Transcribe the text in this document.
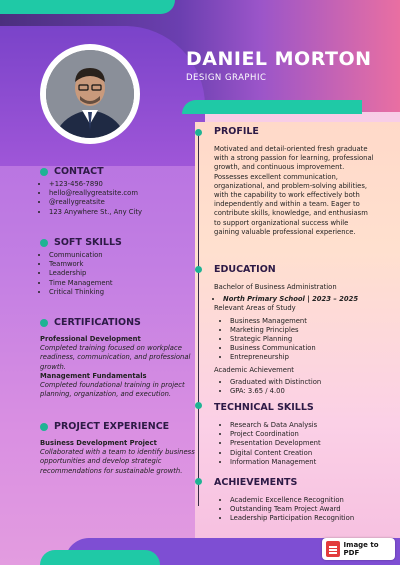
DANIEL MORTON
DESIGN GRAPHIC
CONTACT
• +123-456-7890
• hello@reallygreatsite.com
• @reallygreatsite
• 123 Anywhere St., Any City
SOFT SKILLS
• Communication
• Teamwork
• Leadership
• Time Management
• Critical Thinking
CERTIFICATIONS

Professional Development

Completed training focused on workplace readiness, communication, and professional growth.

Management Fundamentals

Completed foundational training in project planning, organization, and execution.

PROJECT EXPERIENCE

Business Development Project

Collaborated with a team to identify business opportunities and develop strategic recommendations for sustainable growth.

PROFILE

Motivated and detail-oriented fresh graduate with a strong passion for learning, professional growth, and continuous improvement. Possesses excellent communication, organizational, and problem-solving abilities, with the capability to work effectively both independently and within a team. Eager to contribute skills, knowledge, and enthusiasm to support organizational success while gaining valuable professional experience.

EDUCATION

Bachelor of Business Administration

• North Primary School | 2023 – 2025

Relevant Areas of Study

• Business Management
• Marketing Principles
• Strategic Planning
• Business Communication
• Entrepreneurship

Academic Achievement

• Graduated with Distinction
• GPA: 3.65 / 4.00
TECHNICAL SKILLS
• Research & Data Analysis
• Project Coordination
• Presentation Development
• Digital Content Creation
• Information Management
ACHIEVEMENTS
• Academic Excellence Recognition
• Outstanding Team Project Award
• Leadership Participation Recognition
Image to PDF
